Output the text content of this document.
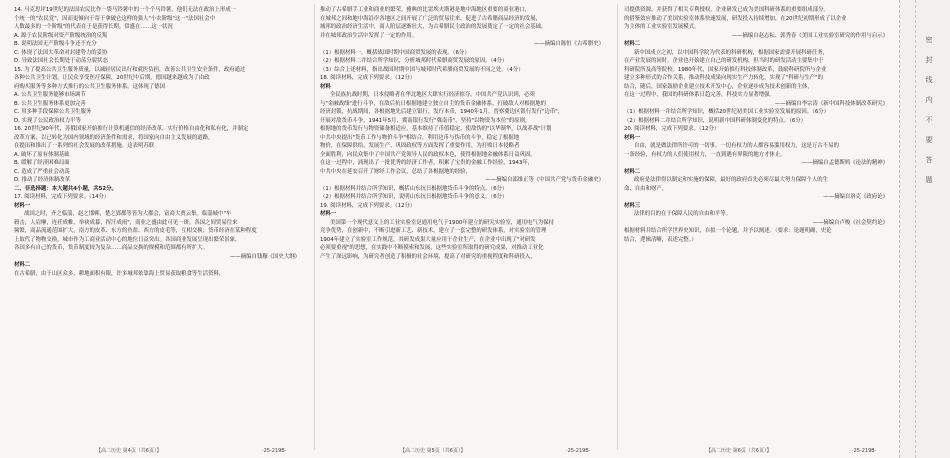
14. 马克思评19世纪的法国农民比作一袋马铃薯中的一个个马铃薯，他们无法在政治上形成一

个统一的"农民党"，因而更倾向于寄于拿破仑这样的强人"小农阶级"这一"法国社会中

人数最多的一个阶级"的代表在于是获得长期。常盛在……这一状况

A. 源于农民阶级对资产阶级统治的反叛

B. 说明法国无产阶级斗争还不充分

C. 体现了法国大革命对封建势力的妥协

D. 导致法国社会长期处于动荡分裂状态

15. 为了提高公共卫生服务质量，以减轻居民出行和就医负担，改善公共卫生安全条件，政府通过

各种公共卫生计划，让民众享受医疗保障，20世纪中后期，德国越来越成为了由政

府购买服务等多种方式推行的公共卫生服务体系。这体现了德国

A. 公共卫生服务能够市场调节

B. 公共卫生服务体系更加完善

C. 用多种手段保障公共卫生服务

D. 实现了公民政治权力平等

16. 20世纪90年代，苏俄国家开始推行计算机通信的经济改革，实行价格自由化和私有化，并制定

改革方案，以已转化为国内领域的经济条件和需求，将国家向自由主义发展的道路，

在提出和推出了一系列的社会发展的改革措施。这表明苏联

A. 破坏了原有体制基础

B. 缓解了经济困难局面

C. 造成了严重社会动荡

D. 推动了经济体制改革

二、非选择题：本大题共4小题，共52分。

17. 阅读材料，完成下列要求。（14分）

材料一

战国之时，齐之临淄，赵之邯郸，楚之郢都等皆为大都会，富商大贾云集。临淄城中"车

毂击，人肩摩，连衽成帷，举袂成幕，挥汗成雨"，商业之盛由此可见一斑。各国之间贸易往来

频繁，商品流通范围扩大，南方的皮革、东方的鱼盐、西方的皮毛等，互相交换；货币经济在某种程度

上取代了物物交换，城市作为工商业活动中心的地位日益突出。各国商业发展呈现出繁荣景象，

各国多有自己的货币，货币制度较为复杂……商品交换的规模和范围都有所扩大。

——摘编自钱穆《国史大纲》

材料二

在古希腊，由于山区众多，耕地面积有限，许多城邦依靠海上贸易获取粮食等生活资料，

推动了古希腊手工业和商业的繁荣。雅典的比雷埃夫斯港是地中海地区重要的商业港口，

在城邦之间和地中海沿岸各地区之间开展了广泛的贸易往来，促进了古希腊商品经济的发展，

城邦的政治经济生活中，商人阶层逐渐壮大，为古希腊民主政治的发展奠定了一定的社会基础，

并在城邦政治生活中发挥了一定的作用。

——摘编自陈恒《古希腊史》

（1）根据材料一，概括战国时期中国商贸发展的表现。（6分）

（2）根据材料二并结合所学知识，分析城邦时代希腊商贸发展的原因。（4分）

（3）综合上述材料，指出战国时期中国与城邦时代希腊商贸发展的不同之处。（4分）

18. 阅读材料，完成下列要求。（12分）

材料

全民族抗战时期，日本侵略者在华北地区大肆实行经济掠夺，中国共产党认识到，必须

与"金融战线"进行斗争，在敌后抗日根据地建立独立自主的货币金融体系，打破敌人对根据地的

经济封锁，抗战期间，各根据地先后建立银行，发行本币，1940年1月，晋察冀边区银行发行"边币"，

开展对敌货币斗争，1941年5月，冀南银行发行"冀南币"，坚持"以物资为本位"的原则，

根据地的货币发行与物资储备相适应，基本维持了币值稳定，使敌伪的"以华制华，以战养战"计划

中共中央提出"货币工作与物价斗争"相结合，利用边币与伪币的斗争，稳定了根据地

物价，在保障供给、发展生产、巩固政权等方面发挥了重要作用，为打败日本侵略者

全面胜利，向民众集中了中国共产党领导人民的政权本色，使得根据地金融体系日益巩固。

在这一过程中，涌现出了一批优秀的经济工作者，积累了宝贵的金融工作经验，1943年，

中共中央在延安召开了财经工作会议，总结了各根据地的经验，

——摘编自邵维正等《中国共产党与货币金融史》

（1）根据材料并结合所学知识，概括山东抗日根据地货币斗争的特点。（6分）

（2）根据材料并结合所学知识，说明山东抗日根据地货币斗争的意义。（6分）

19. 阅读材料，完成下列要求。（12分）

材料一

美国第一个现代意义上的工业实验室是通用电气于1900年建立的研究实验室，通用电气为保持

竞争优势，在创新中，不断引进新工艺、新技术，建立了一套完整的研发体系，对实验室的管理

1904年建立了实验室工作规范，其研发成果大量应用于企业生产，在企业中出现了"对研发

必须要重视"的思想，在实践中不断摸索和发展，这些实验室所取得的研究成果，对推动工业化

产生了深远影响，为研究者创造了积极的社会环境，提高了对研究的重视程度和科研投入，

司提供资源，并获得了相关专利授权，企业研发已成为美国科研体系的重要组成部分。

的借鉴效应推动了美国实验室体系快速发展，研发投入持续增加，在20世纪初期形成了以企业

为主体的工业实验室发展模式。

——摘编自赵志耘、郭秀春《美国工业实验室研究的作用与启示》

材料二

新中国成立之初，以中国科学院为代表的科研机构，根据国家需要开展科研任务，

在产业发展的同时，企业也开始建立自己的研发机构，但当时的研发活动主要集中于

科研院所及高等院校。1980年代，国家开始推行科技体制改革，鼓励科研院所与企业

建立多种形式的合作关系，推动科技成果向现实生产力转化，实现了"科研与生产"的

结合，随后，国家鼓励企业建立技术开发中心，企业逐步成为技术创新的主体，

在这一过程中，我国的科研体系日趋完善，科技实力显著增强。

——摘编自李宗涛《新中国科技体制改革研究》

（1）根据材料一并结合所学知识，概括20世纪初美国工业实验室发展的原因。（6分）

（2）根据材料二并结合所学知识，说明新中国科研体制变化的特点。（6分）

20. 阅读材料，完成下列要求。（12分）

材料一

自由，就是做法律所许可的一切事。一切有权力的人都容易滥用权力，这是万古不易的

一条经验，有权力的人们使用权力，一直到遇有界限的地方才休止。

——摘编自孟德斯鸠《论法的精神》

材料二

政府是法律得以制定和实施的保障，最好的政府首先必须尽最大努力保障个人的生

命、自由和财产。

——摘编自洛克《政府论》

材料三

法律的目的在于保障人民的自由和平等。

——摘编自卢梭《社会契约论》

根据材料并结合所学世界史知识，自拟一个论题，并予以阐述。（要求：论题明确，史论

结合，逻辑清晰，表述完整。）

【高二历史 第4页（共6页）】	·25-219B·	【高二历史 第5页（共6页）】	·25-219B·	【高二历史 第6页（共6页）】	·25-219B·
密封线内不要答题
